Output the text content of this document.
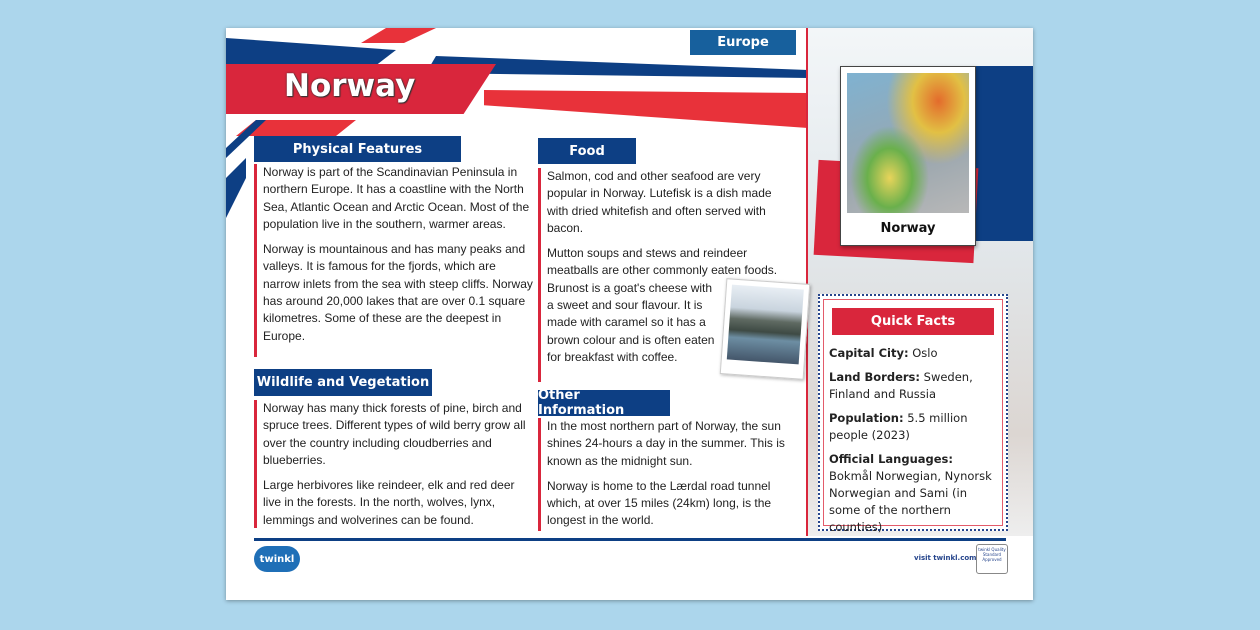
Norway
Europe
Physical Features

Norway is part of the Scandinavian Peninsula in northern Europe. It has a coastline with the North Sea, Atlantic Ocean and Arctic Ocean. Most of the population live in the southern, warmer areas.

Norway is mountainous and has many peaks and valleys. It is famous for the fjords, which are narrow inlets from the sea with steep cliffs. Norway has around 20,000 lakes that are over 0.1 square kilometres. Some of these are the deepest in Europe.

Wildlife and Vegetation

Norway has many thick forests of pine, birch and spruce trees. Different types of wild berry grow all over the country including cloudberries and blueberries.

Large herbivores like reindeer, elk and red deer live in the forests. In the north, wolves, lynx, lemmings and wolverines can be found.

Food

Salmon, cod and other seafood are very popular in Norway. Lutefisk is a dish made with dried whitefish and often served with bacon.

Mutton soups and stews and reindeer meatballs are other commonly eaten foods. Brunost is a goat's cheese with a sweet and sour flavour. It is made with caramel so it has a brown colour and is often eaten for breakfast with coffee.

Other Information

In the most northern part of Norway, the sun shines 24-hours a day in the summer. This is known as the midnight sun.

Norway is home to the Lærdal road tunnel which, at over 15 miles (24km) long, is the longest in the world.

Norway
Quick Facts

Capital City: Oslo

Land Borders: Sweden, Finland and Russia

Population: 5.5 million people (2023)

Official Languages: Bokmål Norwegian, Nynorsk Norwegian and Sami (in some of the northern counties)

twinkl	visit twinkl.com
twinkl Quality Standard Approved
